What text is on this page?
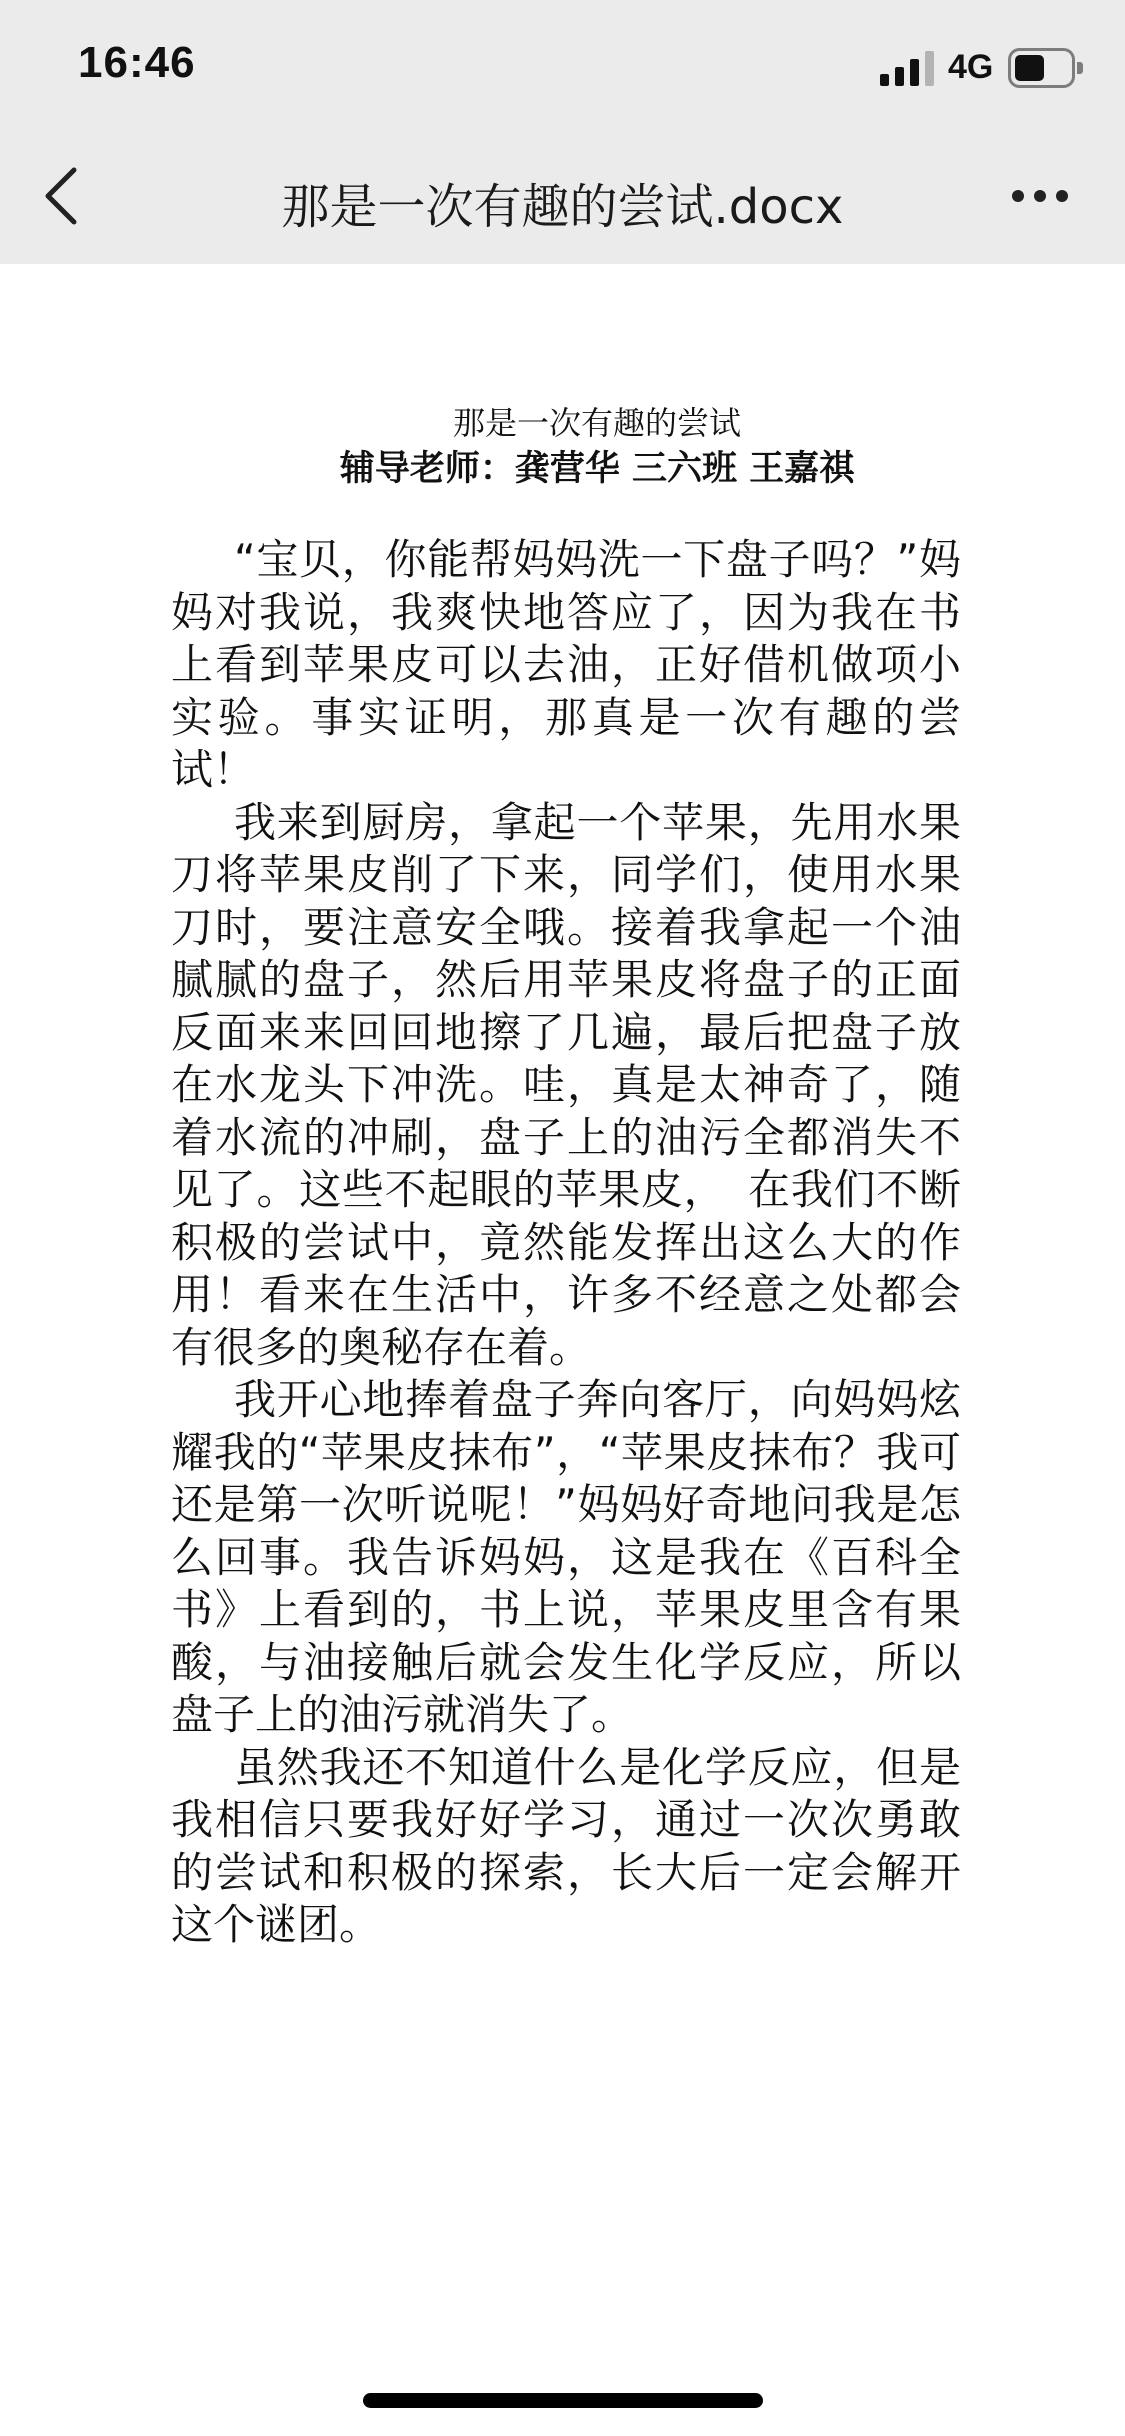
16:46	4G
那是一次有趣的尝试.docx
那是一次有趣的尝试
辅导老师：龚营华 三六班 王嘉祺

“宝贝，你能帮妈妈洗一下盘子吗？”妈妈对我说，我爽快地答应了，因为我在书上看到苹果皮可以去油，正好借机做项小实验。事实证明，那真是一次有趣的尝试！

我来到厨房，拿起一个苹果，先用水果刀将苹果皮削了下来，同学们，使用水果刀时，要注意安全哦。接着我拿起一个油腻腻的盘子，然后用苹果皮将盘子的正面反面来来回回地擦了几遍，最后把盘子放在水龙头下冲洗。哇，真是太神奇了，随着水流的冲刷，盘子上的油污全都消失不见了。这些不起眼的苹果皮，　在我们不断积极的尝试中，竟然能发挥出这么大的作用！看来在生活中，许多不经意之处都会有很多的奥秘存在着。

我开心地捧着盘子奔向客厅，向妈妈炫耀我的“苹果皮抹布”，“苹果皮抹布？我可还是第一次听说呢！”妈妈好奇地问我是怎么回事。我告诉妈妈，这是我在《百科全书》上看到的，书上说，苹果皮里含有果酸，与油接触后就会发生化学反应，所以盘子上的油污就消失了。

虽然我还不知道什么是化学反应，但是我相信只要我好好学习，通过一次次勇敢的尝试和积极的探索，长大后一定会解开这个谜团。
